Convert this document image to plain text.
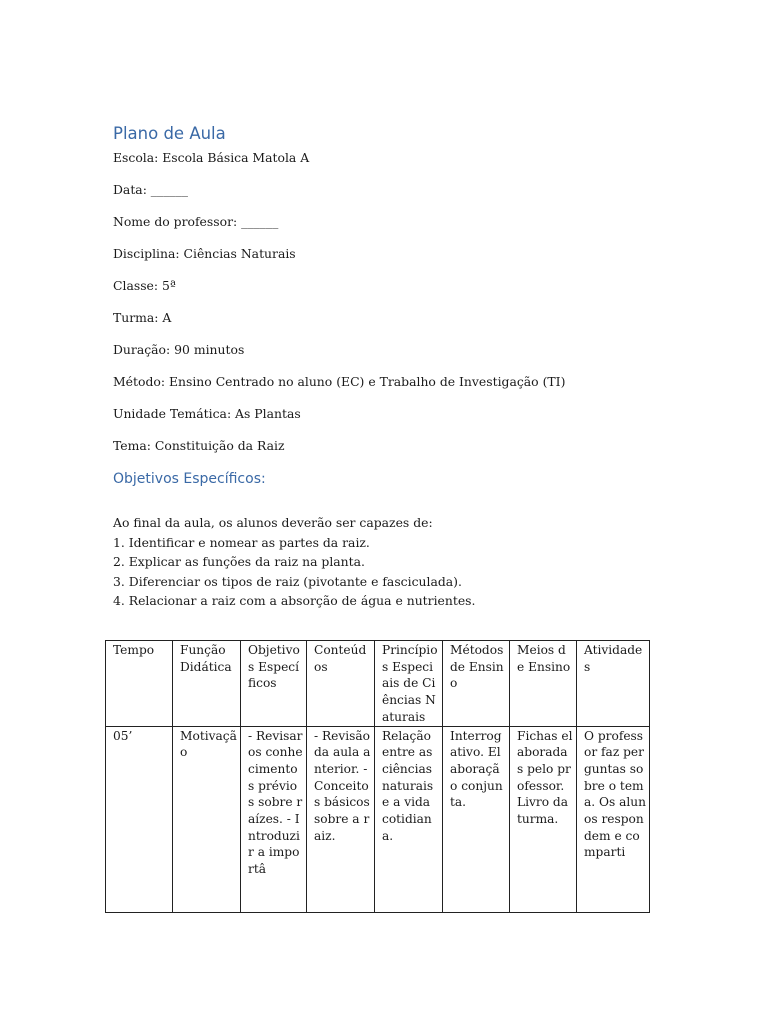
Plano de Aula
Escola: Escola Básica Matola A
Data: ______
Nome do professor: ______
Disciplina: Ciências Naturais
Classe: 5ª
Turma: A
Duração: 90 minutos
Método: Ensino Centrado no aluno (EC) e Trabalho de Investigação (TI)
Unidade Temática: As Plantas
Tema: Constituição da Raiz
Objetivos Específicos:
Ao final da aula, os alunos deverão ser capazes de:
1. Identificar e nomear as partes da raiz.
2. Explicar as funções da raiz na planta.
3. Diferenciar os tipos de raiz (pivotante e fasciculada).
4. Relacionar a raiz com a absorção de água e nutrientes.
Tempo	Função Didática	Objetivos Específicos	Conteúdos	Princípios Especiais de Ciências Naturais	Métodos de Ensino	Meios de Ensino	Atividades
05’	Motivação	- Revisar os conhecimentos prévios sobre raízes. - Introduzir a importâ	- Revisão da aula anterior. - Conceitos básicos sobre a raiz.	Relação entre as ciências naturais e a vida cotidiana.	Interrogativo. Elaboração conjunta.	Fichas elaboradas pelo professor. Livro da turma.	O professor faz perguntas sobre o tema. Os alunos respondem e comparti
